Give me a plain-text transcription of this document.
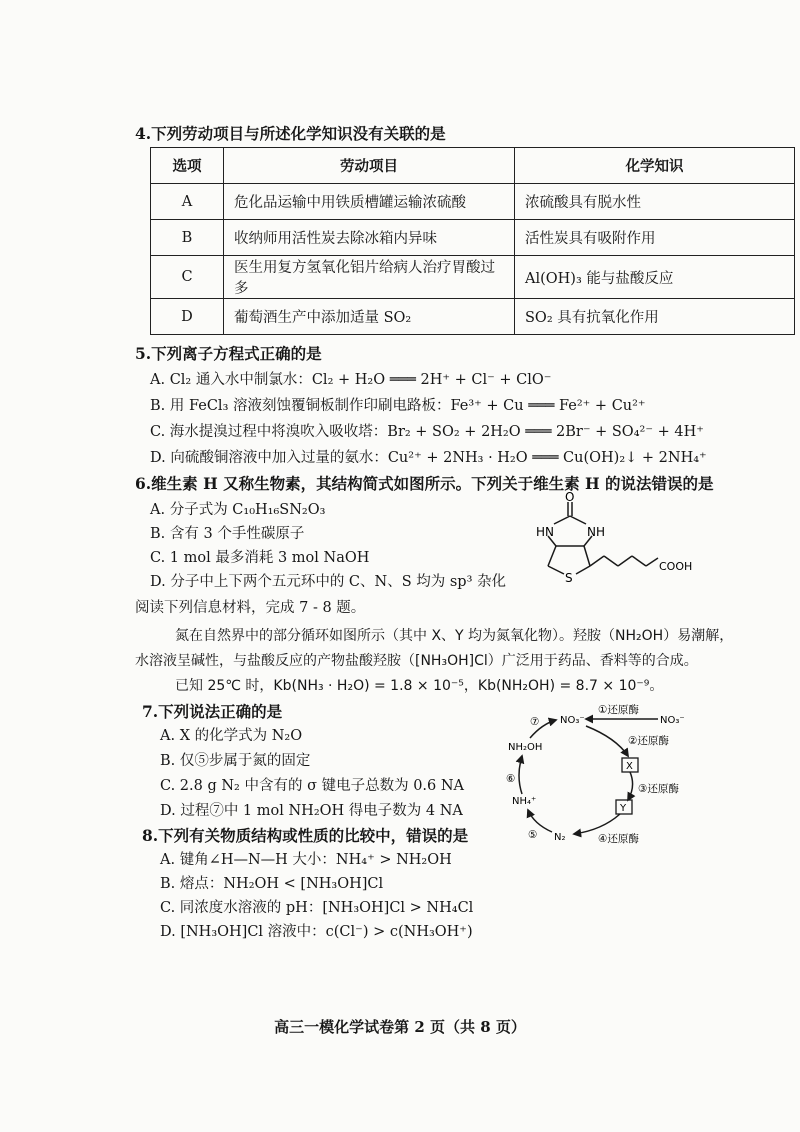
4.下列劳动项目与所述化学知识没有关联的是
选项	劳动项目	化学知识
A	危化品运输中用铁质槽罐运输浓硫酸	浓硫酸具有脱水性
B	收纳师用活性炭去除冰箱内异味	活性炭具有吸附作用
C	医生用复方氢氧化铝片给病人治疗胃酸过多	Al(OH)₃ 能与盐酸反应
D	葡萄酒生产中添加适量 SO₂	SO₂ 具有抗氧化作用
5.下列离子方程式正确的是
A. Cl₂ 通入水中制氯水：Cl₂ + H₂O ═══ 2H⁺ + Cl⁻ + ClO⁻
B. 用 FeCl₃ 溶液刻蚀覆铜板制作印刷电路板：Fe³⁺ + Cu ═══ Fe²⁺ + Cu²⁺
C. 海水提溴过程中将溴吹入吸收塔：Br₂ + SO₂ + 2H₂O ═══ 2Br⁻ + SO₄²⁻ + 4H⁺
D. 向硫酸铜溶液中加入过量的氨水：Cu²⁺ + 2NH₃ · H₂O ═══ Cu(OH)₂↓ + 2NH₄⁺
6.维生素 H 又称生物素，其结构简式如图所示。下列关于维生素 H 的说法错误的是
A. 分子式为 C₁₀H₁₆SN₂O₃
B. 含有 3 个手性碳原子
C. 1 mol 最多消耗 3 mol NaOH
D. 分子中上下两个五元环中的 C、N、S 均为 sp³ 杂化
O
HN	NH
S
COOH
阅读下列信息材料，完成 7 - 8 题。
氮在自然界中的部分循环如图所示（其中 X、Y 均为氮氧化物）。羟胺（NH₂OH）易潮解，
水溶液呈碱性，与盐酸反应的产物盐酸羟胺（[NH₃OH]Cl）广泛用于药品、香料等的合成。
已知 25℃ 时，Kb(NH₃ · H₂O) = 1.8 × 10⁻⁵，Kb(NH₂OH) = 8.7 × 10⁻⁹。
7.下列说法正确的是
A. X 的化学式为 N₂O
B. 仅⑤步属于氮的固定
C. 2.8 g N₂ 中含有的 σ 键电子总数为 0.6 NA
D. 过程⑦中 1 mol NH₂OH 得电子数为 4 NA
NO₃⁻
NO₃⁻
X
Y
N₂
NH₄⁺
NH₂OH
①还原酶
②还原酶
③还原酶
④还原酶
⑤
⑥
⑦
8.下列有关物质结构或性质的比较中，错误的是
A. 键角∠H—N—H 大小：NH₄⁺ > NH₂OH
B. 熔点：NH₂OH < [NH₃OH]Cl
C. 同浓度水溶液的 pH：[NH₃OH]Cl > NH₄Cl
D. [NH₃OH]Cl 溶液中：c(Cl⁻) > c(NH₃OH⁺)
高三一模化学试卷第 2 页（共 8 页）
